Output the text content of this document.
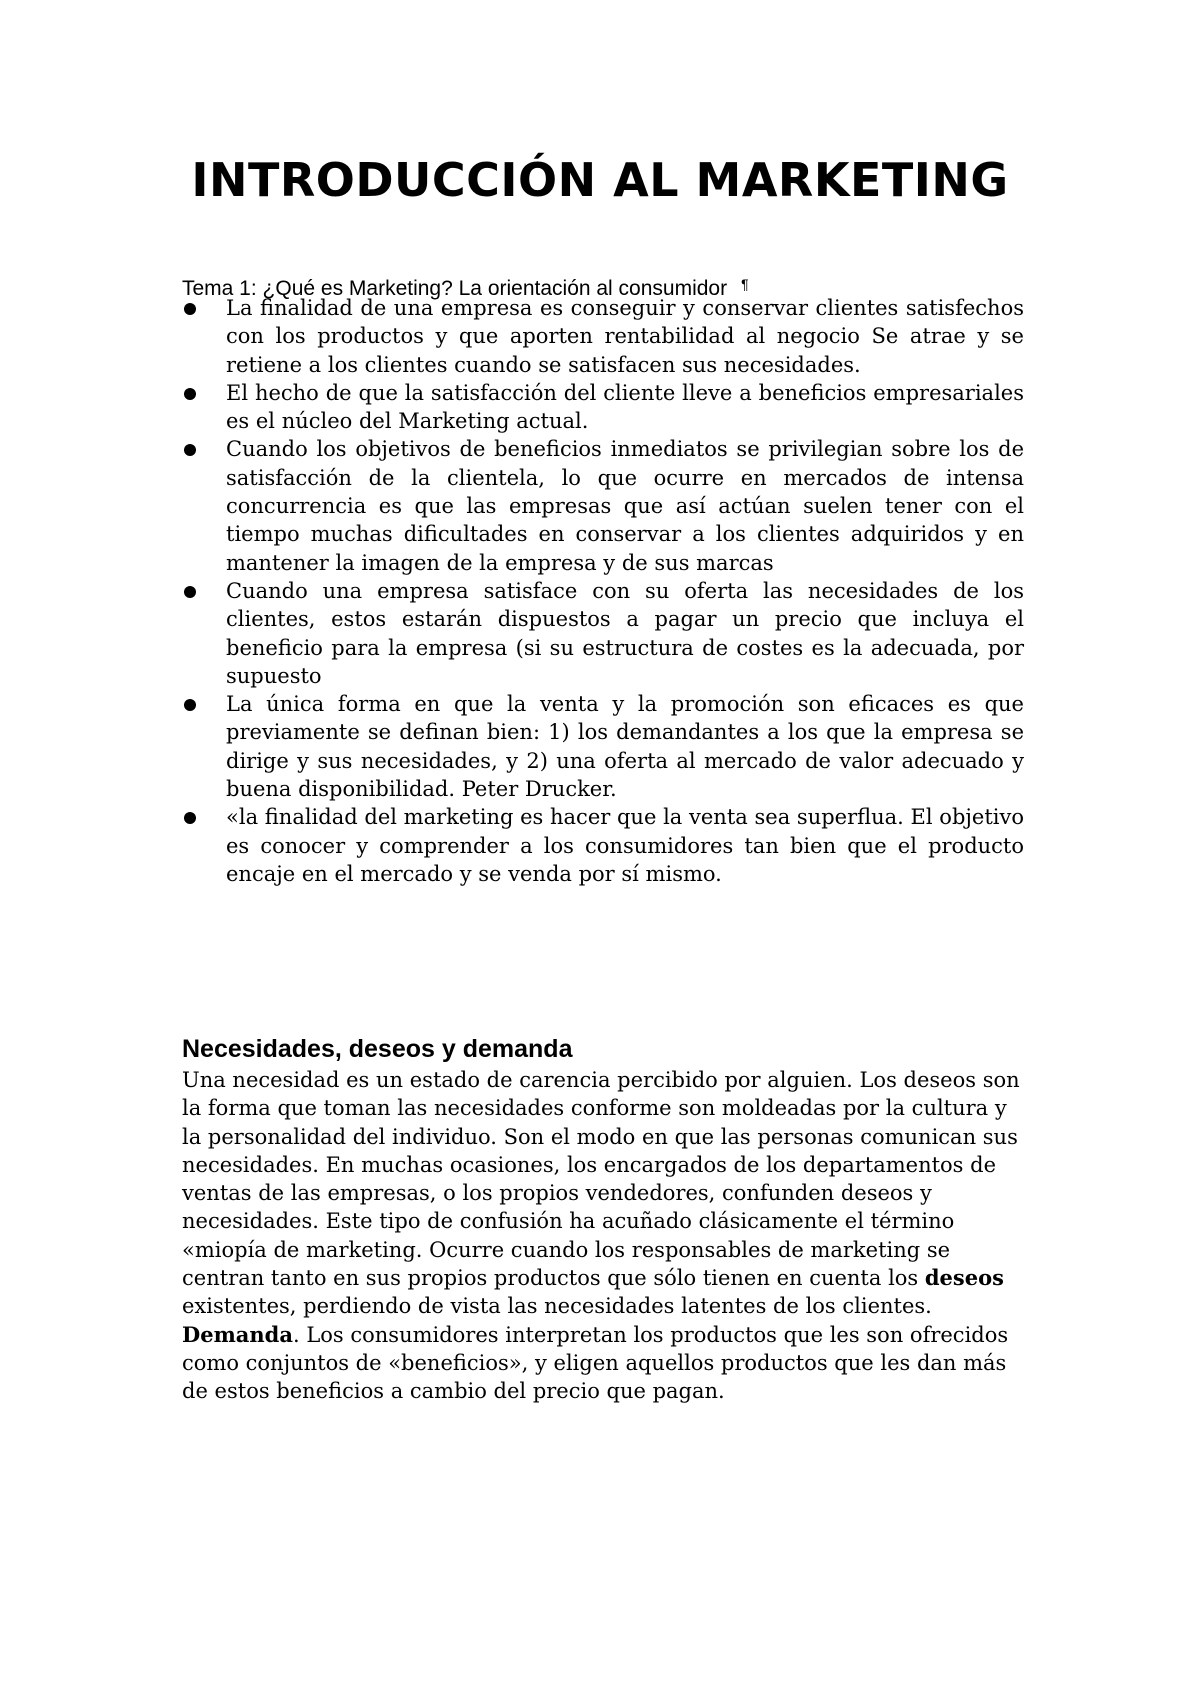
INTRODUCCIÓN AL MARKETING

Tema 1: ¿Qué es Marketing? La orientación al consumidor ¶

La finalidad de una empresa es conseguir y conservar clientes satisfechos con los productos y que aporten rentabilidad al negocio Se atrae y se retiene a los clientes cuando se satisfacen sus necesidades.
El hecho de que la satisfacción del cliente lleve a beneficios empresariales es el núcleo del Marketing actual.
Cuando los objetivos de beneficios inmediatos se privilegian sobre los de satisfacción de la clientela, lo que ocurre en mercados de intensa concurrencia es que las empresas que así actúan suelen tener con el tiempo muchas dificultades en conservar a los clientes adquiridos y en mantener la imagen de la empresa y de sus marcas
Cuando una empresa satisface con su oferta las necesidades de los clientes, estos estarán dispuestos a pagar un precio que incluya el beneficio para la empresa (si su estructura de costes es la adecuada, por supuesto
La única forma en que la venta y la promoción son eficaces es que previamente se definan bien: 1) los demandantes a los que la empresa se dirige y sus necesidades, y 2) una oferta al mercado de valor adecuado y buena disponibilidad. Peter Drucker.
«la finalidad del marketing es hacer que la venta sea superflua. El objetivo es conocer y comprender a los consumidores tan bien que el producto encaje en el mercado y se venda por sí mismo.
Necesidades, deseos y demanda

Una necesidad es un estado de carencia percibido por alguien. Los deseos son la forma que toman las necesidades conforme son moldeadas por la cultura y la personalidad del individuo. Son el modo en que las personas comunican sus necesidades. En muchas ocasiones, los encargados de los departamentos de ventas de las empresas, o los propios vendedores, confunden deseos y necesidades. Este tipo de confusión ha acuñado clásicamente el término «miopía de marketing. Ocurre cuando los responsables de marketing se centran tanto en sus propios productos que sólo tienen en cuenta los deseos existentes, perdiendo de vista las necesidades latentes de los clientes.

Demanda. Los consumidores interpretan los productos que les son ofrecidos como conjuntos de «beneficios», y eligen aquellos productos que les dan más de estos beneficios a cambio del precio que pagan.
